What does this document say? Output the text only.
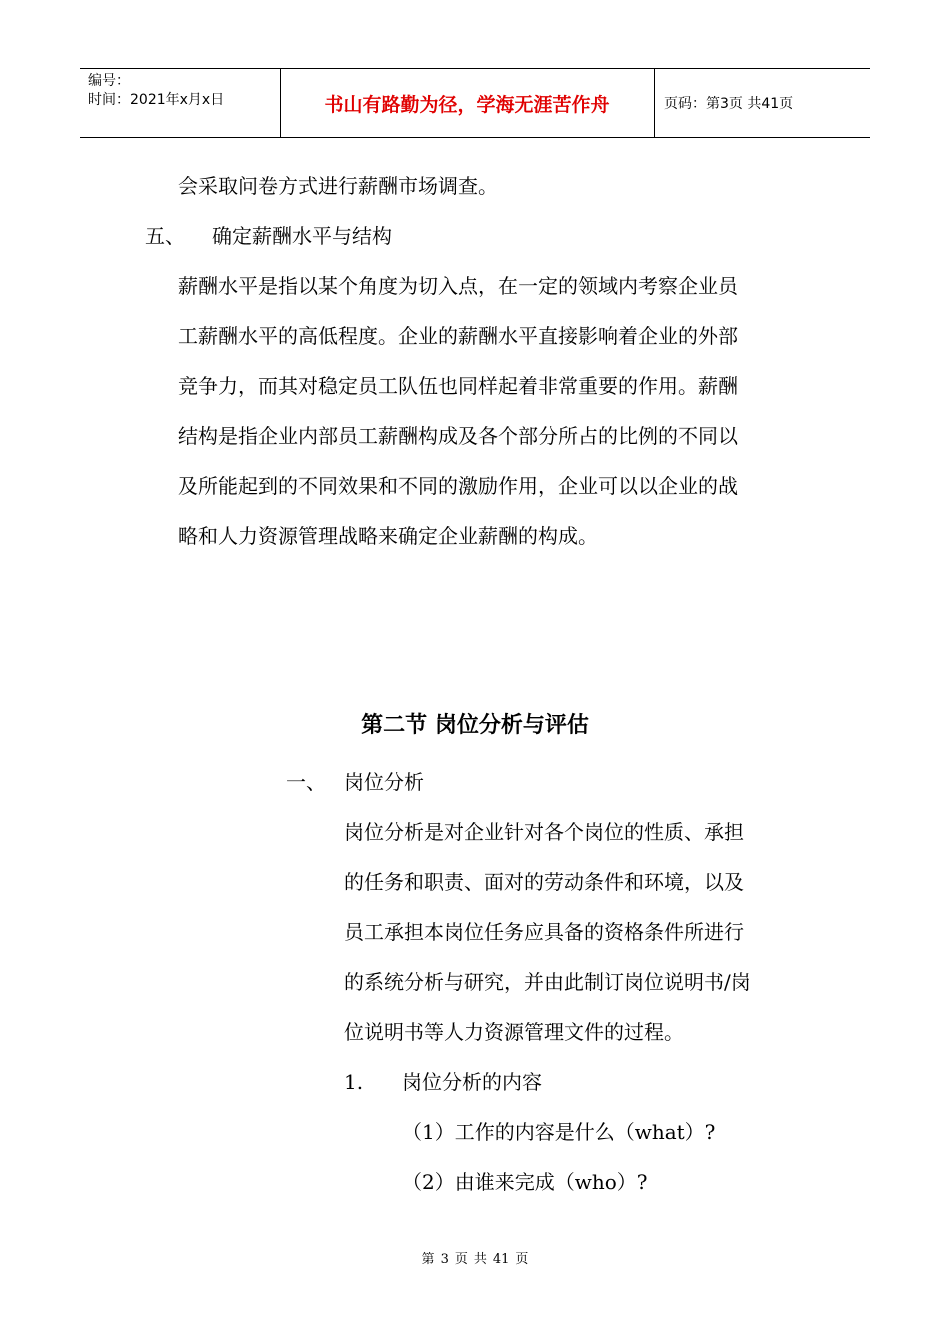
编号：
时间：2021年x月x日	书山有路勤为径，学海无涯苦作舟	页码：第3页 共41页

会采取问卷方式进行薪酬市场调查。

五、 确定薪酬水平与结构

薪酬水平是指以某个角度为切入点，在一定的领域内考察企业员

工薪酬水平的高低程度。企业的薪酬水平直接影响着企业的外部

竞争力，而其对稳定员工队伍也同样起着非常重要的作用。薪酬

结构是指企业内部员工薪酬构成及各个部分所占的比例的不同以

及所能起到的不同效果和不同的激励作用，企业可以以企业的战

略和人力资源管理战略来确定企业薪酬的构成。

第二节 岗位分析与评估

一、 岗位分析

岗位分析是对企业针对各个岗位的性质、承担

的任务和职责、面对的劳动条件和环境，以及

员工承担本岗位任务应具备的资格条件所进行

的系统分析与研究，并由此制订岗位说明书/岗

位说明书等人力资源管理文件的过程。

1. 岗位分析的内容

（1）工作的内容是什么（what）?

（2）由谁来完成（who）?

第 3 页 共 41 页
